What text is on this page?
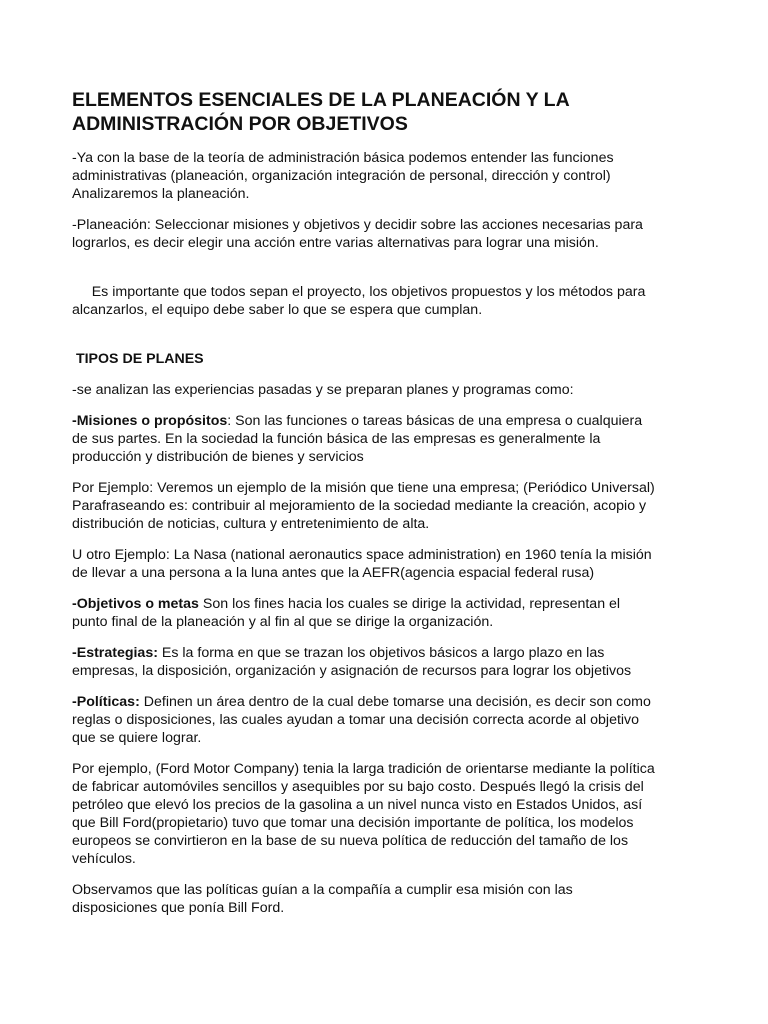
ELEMENTOS ESENCIALES DE LA PLANEACIÓN Y LA
ADMINISTRACIÓN POR OBJETIVOS

-Ya con la base de la teoría de administración básica podemos entender las funciones
administrativas (planeación, organización integración de personal, dirección y control)
Analizaremos la planeación.

-Planeación: Seleccionar misiones y objetivos y decidir sobre las acciones necesarias para
lograrlos, es decir elegir una acción entre varias alternativas para lograr una misión.

Es importante que todos sepan el proyecto, los objetivos propuestos y los métodos para
alcanzarlos, el equipo debe saber lo que se espera que cumplan.

TIPOS DE PLANES

-se analizan las experiencias pasadas y se preparan planes y programas como:

-Misiones o propósitos: Son las funciones o tareas básicas de una empresa o cualquiera
de sus partes. En la sociedad la función básica de las empresas es generalmente la
producción y distribución de bienes y servicios

Por Ejemplo: Veremos un ejemplo de la misión que tiene una empresa; (Periódico Universal)
Parafraseando es: contribuir al mejoramiento de la sociedad mediante la creación, acopio y
distribución de noticias, cultura y entretenimiento de alta.

U otro Ejemplo: La Nasa (national aeronautics space administration) en 1960 tenía la misión
de llevar a una persona a la luna antes que la AEFR(agencia espacial federal rusa)

-Objetivos o metas Son los fines hacia los cuales se dirige la actividad, representan el
punto final de la planeación y al fin al que se dirige la organización.

-Estrategias: Es la forma en que se trazan los objetivos básicos a largo plazo en las
empresas, la disposición, organización y asignación de recursos para lograr los objetivos

-Políticas: Definen un área dentro de la cual debe tomarse una decisión, es decir son como
reglas o disposiciones, las cuales ayudan a tomar una decisión correcta acorde al objetivo
que se quiere lograr.

Por ejemplo, (Ford Motor Company) tenia la larga tradición de orientarse mediante la política
de fabricar automóviles sencillos y asequibles por su bajo costo. Después llegó la crisis del
petróleo que elevó los precios de la gasolina a un nivel nunca visto en Estados Unidos, así
que Bill Ford(propietario) tuvo que tomar una decisión importante de política, los modelos
europeos se convirtieron en la base de su nueva política de reducción del tamaño de los
vehículos.

Observamos que las políticas guían a la compañía a cumplir esa misión con las
disposiciones que ponía Bill Ford.
